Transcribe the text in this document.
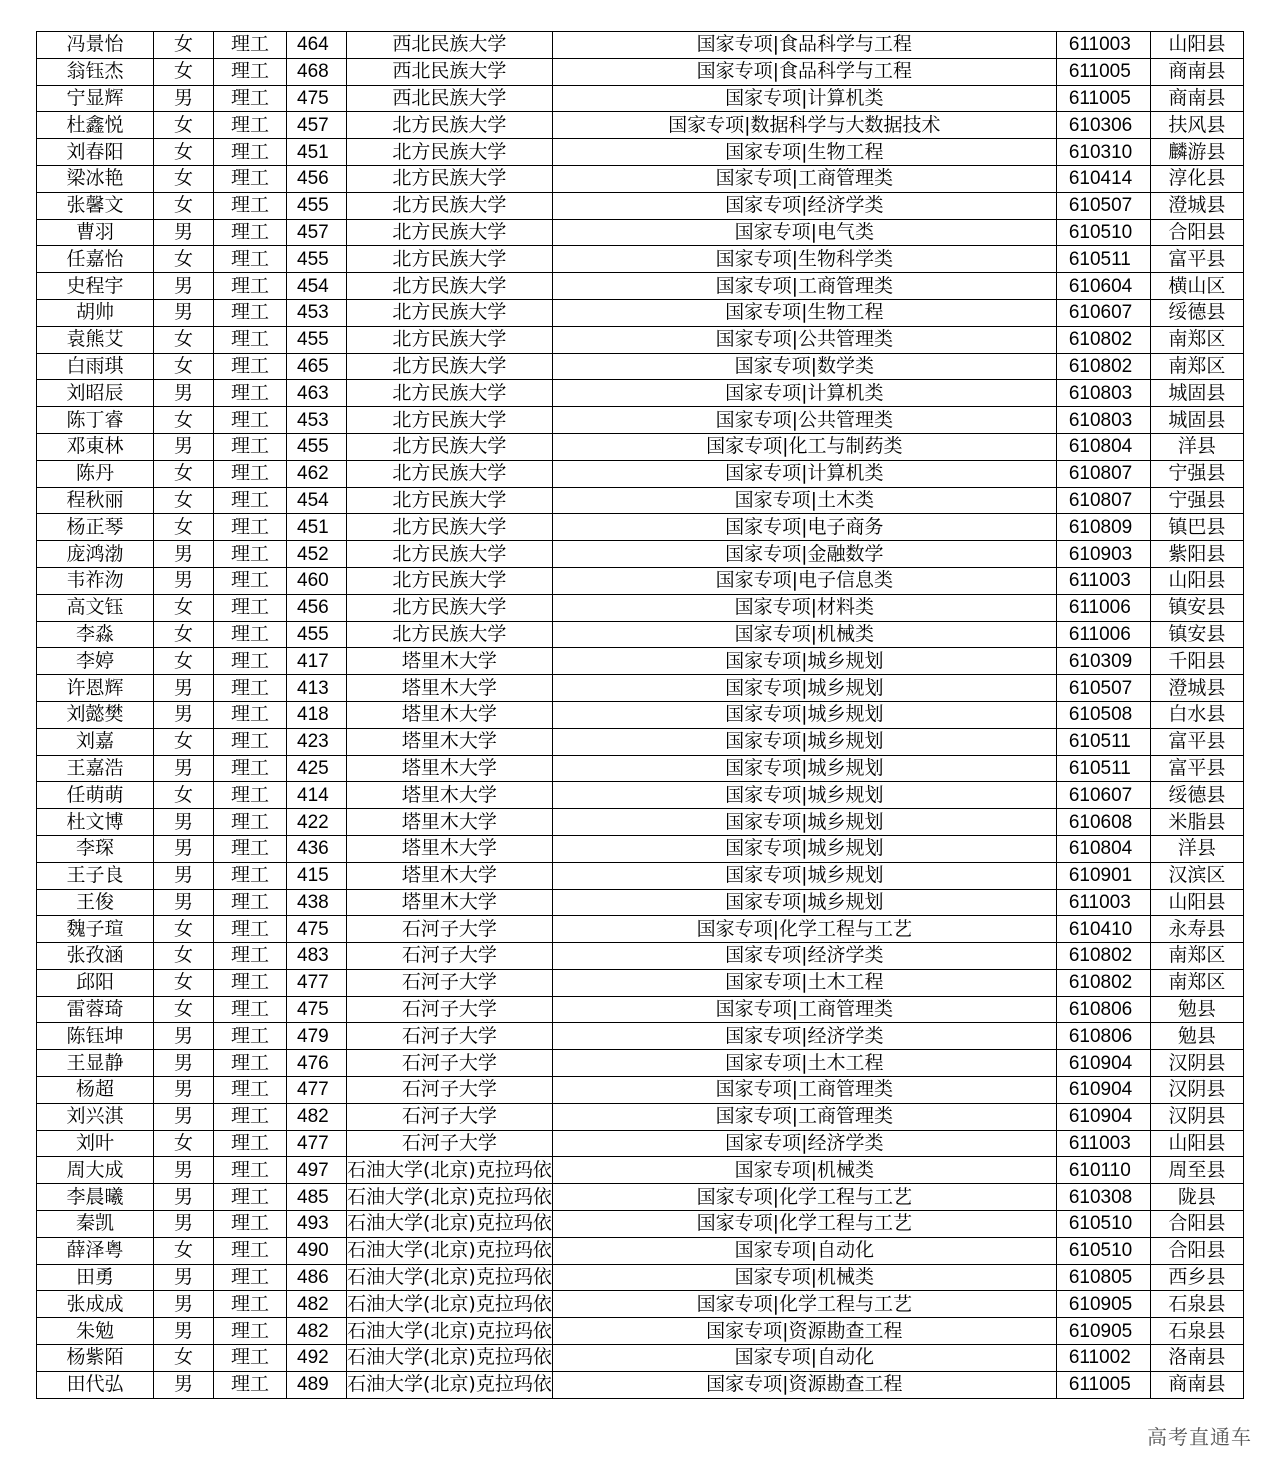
冯景怡	女	理工	464	西北民族大学	国家专项|食品科学与工程	611003	山阳县
翁钰杰	女	理工	468	西北民族大学	国家专项|食品科学与工程	611005	商南县
宁显辉	男	理工	475	西北民族大学	国家专项|计算机类	611005	商南县
杜鑫悦	女	理工	457	北方民族大学	国家专项|数据科学与大数据技术	610306	扶风县
刘春阳	女	理工	451	北方民族大学	国家专项|生物工程	610310	麟游县
梁冰艳	女	理工	456	北方民族大学	国家专项|工商管理类	610414	淳化县
张馨文	女	理工	455	北方民族大学	国家专项|经济学类	610507	澄城县
曹羽	男	理工	457	北方民族大学	国家专项|电气类	610510	合阳县
任嘉怡	女	理工	455	北方民族大学	国家专项|生物科学类	610511	富平县
史程宇	男	理工	454	北方民族大学	国家专项|工商管理类	610604	横山区
胡帅	男	理工	453	北方民族大学	国家专项|生物工程	610607	绥德县
袁熊艾	女	理工	455	北方民族大学	国家专项|公共管理类	610802	南郑区
白雨琪	女	理工	465	北方民族大学	国家专项|数学类	610802	南郑区
刘昭辰	男	理工	463	北方民族大学	国家专项|计算机类	610803	城固县
陈丁睿	女	理工	453	北方民族大学	国家专项|公共管理类	610803	城固县
邓東林	男	理工	455	北方民族大学	国家专项|化工与制药类	610804	洋县
陈丹	女	理工	462	北方民族大学	国家专项|计算机类	610807	宁强县
程秋丽	女	理工	454	北方民族大学	国家专项|土木类	610807	宁强县
杨正琴	女	理工	451	北方民族大学	国家专项|电子商务	610809	镇巴县
庞鸿渤	男	理工	452	北方民族大学	国家专项|金融数学	610903	紫阳县
韦祚沕	男	理工	460	北方民族大学	国家专项|电子信息类	611003	山阳县
高文钰	女	理工	456	北方民族大学	国家专项|材料类	611006	镇安县
李淼	女	理工	455	北方民族大学	国家专项|机械类	611006	镇安县
李婷	女	理工	417	塔里木大学	国家专项|城乡规划	610309	千阳县
许恩辉	男	理工	413	塔里木大学	国家专项|城乡规划	610507	澄城县
刘懿樊	男	理工	418	塔里木大学	国家专项|城乡规划	610508	白水县
刘嘉	女	理工	423	塔里木大学	国家专项|城乡规划	610511	富平县
王嘉浩	男	理工	425	塔里木大学	国家专项|城乡规划	610511	富平县
任萌萌	女	理工	414	塔里木大学	国家专项|城乡规划	610607	绥德县
杜文博	男	理工	422	塔里木大学	国家专项|城乡规划	610608	米脂县
李琛	男	理工	436	塔里木大学	国家专项|城乡规划	610804	洋县
王子良	男	理工	415	塔里木大学	国家专项|城乡规划	610901	汉滨区
王俊	男	理工	438	塔里木大学	国家专项|城乡规划	611003	山阳县
魏子瑄	女	理工	475	石河子大学	国家专项|化学工程与工艺	610410	永寿县
张孜涵	女	理工	483	石河子大学	国家专项|经济学类	610802	南郑区
邱阳	女	理工	477	石河子大学	国家专项|土木工程	610802	南郑区
雷蓉琦	女	理工	475	石河子大学	国家专项|工商管理类	610806	勉县
陈钰坤	男	理工	479	石河子大学	国家专项|经济学类	610806	勉县
王显静	男	理工	476	石河子大学	国家专项|土木工程	610904	汉阴县
杨超	男	理工	477	石河子大学	国家专项|工商管理类	610904	汉阴县
刘兴淇	男	理工	482	石河子大学	国家专项|工商管理类	610904	汉阴县
刘叶	女	理工	477	石河子大学	国家专项|经济学类	611003	山阳县
周大成	男	理工	497	石油大学(北京)克拉玛依	国家专项|机械类	610110	周至县
李晨曦	男	理工	485	石油大学(北京)克拉玛依	国家专项|化学工程与工艺	610308	陇县
秦凯	男	理工	493	石油大学(北京)克拉玛依	国家专项|化学工程与工艺	610510	合阳县
薛泽粤	女	理工	490	石油大学(北京)克拉玛依	国家专项|自动化	610510	合阳县
田勇	男	理工	486	石油大学(北京)克拉玛依	国家专项|机械类	610805	西乡县
张成成	男	理工	482	石油大学(北京)克拉玛依	国家专项|化学工程与工艺	610905	石泉县
朱勉	男	理工	482	石油大学(北京)克拉玛依	国家专项|资源勘查工程	610905	石泉县
杨紫陌	女	理工	492	石油大学(北京)克拉玛依	国家专项|自动化	611002	洛南县
田代弘	男	理工	489	石油大学(北京)克拉玛依	国家专项|资源勘查工程	611005	商南县
高考直通车
